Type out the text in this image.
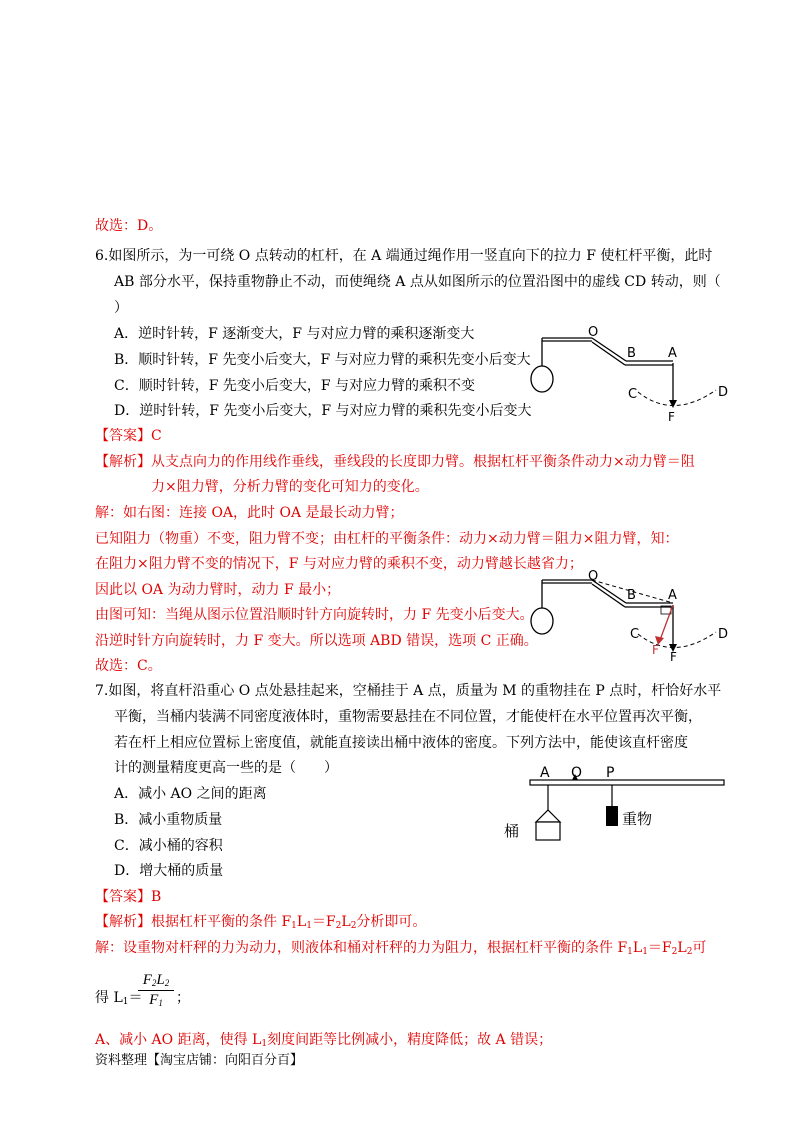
故选：D。
6.如图所示，为一可绕 O 点转动的杠杆，在 A 端通过绳作用一竖直向下的拉力 F 使杠杆平衡，此时
AB 部分水平，保持重物静止不动，而使绳绕 A 点从如图所示的位置沿图中的虚线 CD 转动，则（
）
A．逆时针转，F 逐渐变大，F 与对应力臂的乘积逐渐变大
B．顺时针转，F 先变小后变大，F 与对应力臂的乘积先变小后变大
C．顺时针转，F 先变小后变大，F 与对应力臂的乘积不变
D．逆时针转，F 先变小后变大，F 与对应力臂的乘积先变小后变大
O
B A
C	D
F
【答案】C
【解析】从支点向力的作用线作垂线，垂线段的长度即力臂。根据杠杆平衡条件动力×动力臂＝阻
力×阻力臂，分析力臂的变化可知力的变化。
解：如右图：连接 OA，此时 OA 是最长动力臂；
已知阻力（物重）不变，阻力臂不变；由杠杆的平衡条件：动力×动力臂＝阻力×阻力臂，知：
在阻力×阻力臂不变的情况下，F 与对应力臂的乘积不变，动力臂越长越省力；
因此以 OA 为动力臂时，动力 F 最小；
由图可知：当绳从图示位置沿顺时针方向旋转时，力 F 先变小后变大。
沿逆时针方向旋转时，力 F 变大。所以选项 ABD 错误，选项 C 正确。
故选：C。
O
B A
C	D
F F
7.如图，将直杆沿重心 O 点处悬挂起来，空桶挂于 A 点，质量为 M 的重物挂在 P 点时，杆恰好水平
平衡，当桶内装满不同密度液体时，重物需要悬挂在不同位置，才能使杆在水平位置再次平衡，
若在杆上相应位置标上密度值，就能直接读出桶中液体的密度。下列方法中，能使该直杆密度
计的测量精度更高一些的是（　　）
A．减小 AO 之间的距离
B．减小重物质量
C．减小桶的容积
D．增大桶的质量
A O P
桶
重物
【答案】B
【解析】根据杠杆平衡的条件 $F_1L_1=F_2L_2$分析即可。
解：设重物对杆秤的力为动力，则液体和桶对杆秤的力为阻力，根据杠杆平衡的条件 $F_1L_1=F_2L_2$可
得 $L_1=$
$F_2L_2$
$F_1$ ；
A、减小 AO 距离，使得 $L_1$刻度间距等比例减小，精度降低；故 A 错误；
资料整理【淘宝店铺：向阳百分百】
